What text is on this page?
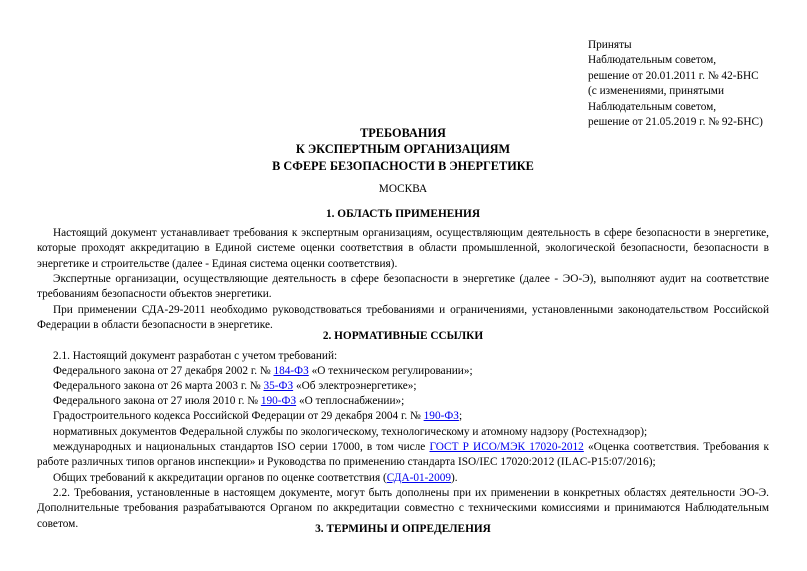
Приняты
Наблюдательным советом,
решение от 20.01.2011 г. № 42-БНС
(с изменениями, принятыми
Наблюдательным советом,
решение от 21.05.2019 г. № 92-БНС)
ТРЕБОВАНИЯ
К ЭКСПЕРТНЫМ ОРГАНИЗАЦИЯМ
В СФЕРЕ БЕЗОПАСНОСТИ В ЭНЕРГЕТИКЕ
МОСКВА
1. ОБЛАСТЬ ПРИМЕНЕНИЯ
Настоящий документ устанавливает требования к экспертным организациям, осуществляющим деятельность в сфере безопасности в энергетике, которые проходят аккредитацию в Единой системе оценки соответствия в области промышленной, экологической безопасности, безопасности в энергетике и строительстве (далее - Единая система оценки соответствия).
Экспертные организации, осуществляющие деятельность в сфере безопасности в энергетике (далее - ЭО-Э), выполняют аудит на соответствие требованиям безопасности объектов энергетики.
При применении СДА-29-2011 необходимо руководствоваться требованиями и ограничениями, установленными законодательством Российской Федерации в области безопасности в энергетике.
2. НОРМАТИВНЫЕ ССЫЛКИ
2.1. Настоящий документ разработан с учетом требований:
Федерального закона от 27 декабря 2002 г. № 184-ФЗ «О техническом регулировании»;
Федерального закона от 26 марта 2003 г. № 35-ФЗ «Об электроэнергетике»;
Федерального закона от 27 июля 2010 г. № 190-ФЗ «О теплоснабжении»;
Градостроительного кодекса Российской Федерации от 29 декабря 2004 г. № 190-ФЗ;
нормативных документов Федеральной службы по экологическому, технологическому и атомному надзору (Ростехнадзор);
международных и национальных стандартов ISO серии 17000, в том числе ГОСТ Р ИСО/МЭК 17020-2012 «Оценка соответствия. Требования к работе различных типов органов инспекции» и Руководства по применению стандарта ISO/IEC 17020:2012 (ILAC-P15:07/2016);
Общих требований к аккредитации органов по оценке соответствия (СДА-01-2009).
2.2. Требования, установленные в настоящем документе, могут быть дополнены при их применении в конкретных областях деятельности ЭО-Э. Дополнительные требования разрабатываются Органом по аккредитации совместно с техническими комиссиями и принимаются Наблюдательным советом.	3. ТЕРМИНЫ И ОПРЕДЕЛЕНИЯ
